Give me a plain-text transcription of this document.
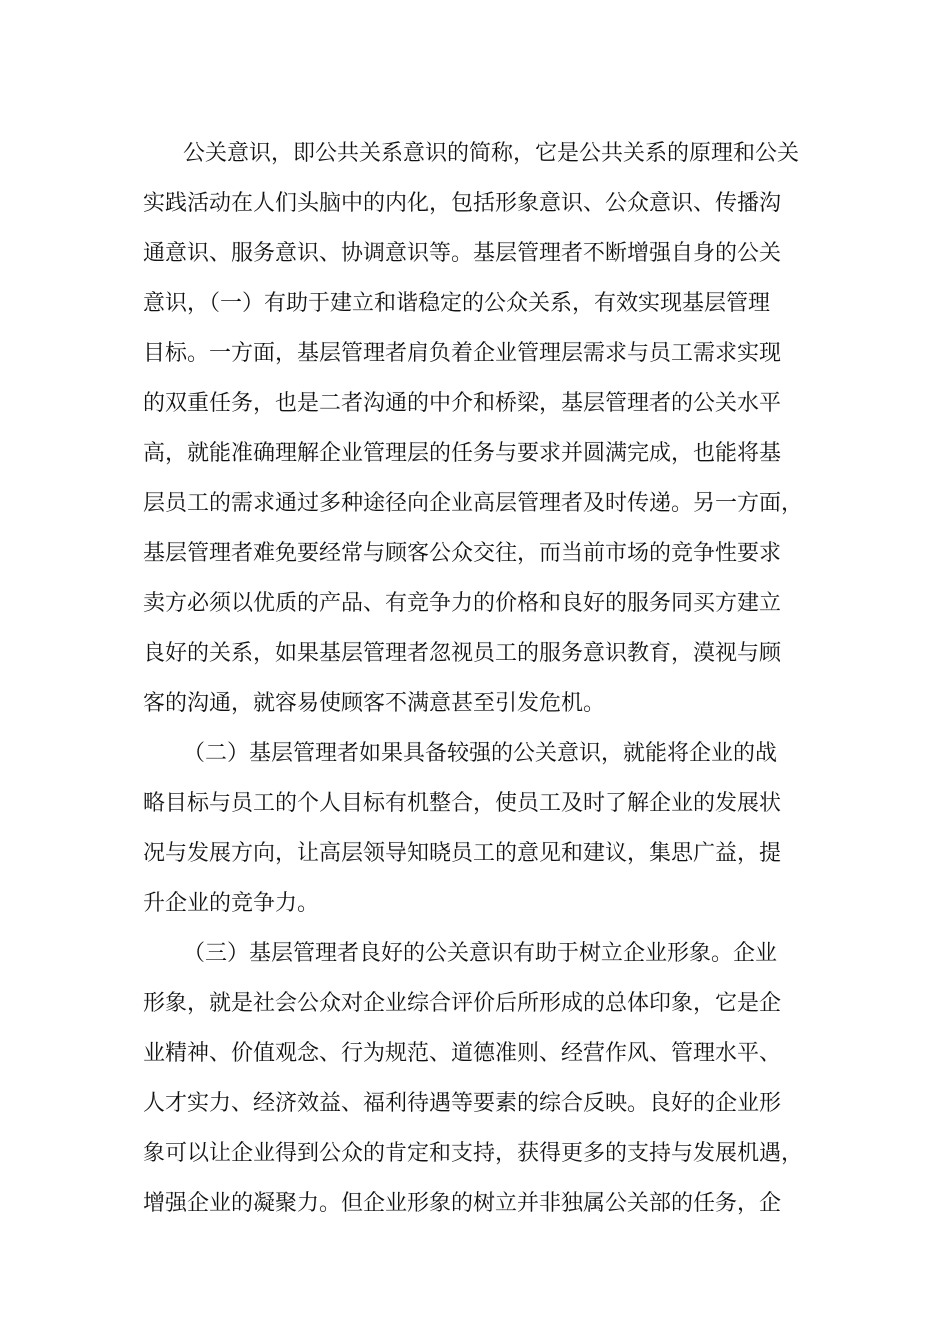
公关意识，即公共关系意识的简称，它是公共关系的原理和公关

实践活动在人们头脑中的内化，包括形象意识、公众意识、传播沟

通意识、服务意识、协调意识等。基层管理者不断增强自身的公关

意识，（一）有助于建立和谐稳定的公众关系，有效实现基层管理

目标。一方面，基层管理者肩负着企业管理层需求与员工需求实现

的双重任务，也是二者沟通的中介和桥梁，基层管理者的公关水平

高，就能准确理解企业管理层的任务与要求并圆满完成，也能将基

层员工的需求通过多种途径向企业高层管理者及时传递。另一方面，

基层管理者难免要经常与顾客公众交往，而当前市场的竞争性要求

卖方必须以优质的产品、有竞争力的价格和良好的服务同买方建立

良好的关系，如果基层管理者忽视员工的服务意识教育，漠视与顾

客的沟通，就容易使顾客不满意甚至引发危机。

（二）基层管理者如果具备较强的公关意识，就能将企业的战

略目标与员工的个人目标有机整合，使员工及时了解企业的发展状

况与发展方向，让高层领导知晓员工的意见和建议，集思广益，提

升企业的竞争力。

（三）基层管理者良好的公关意识有助于树立企业形象。企业

形象，就是社会公众对企业综合评价后所形成的总体印象，它是企

业精神、价值观念、行为规范、道德准则、经营作风、管理水平、

人才实力、经济效益、福利待遇等要素的综合反映。良好的企业形

象可以让企业得到公众的肯定和支持，获得更多的支持与发展机遇，

增强企业的凝聚力。但企业形象的树立并非独属公关部的任务，企
